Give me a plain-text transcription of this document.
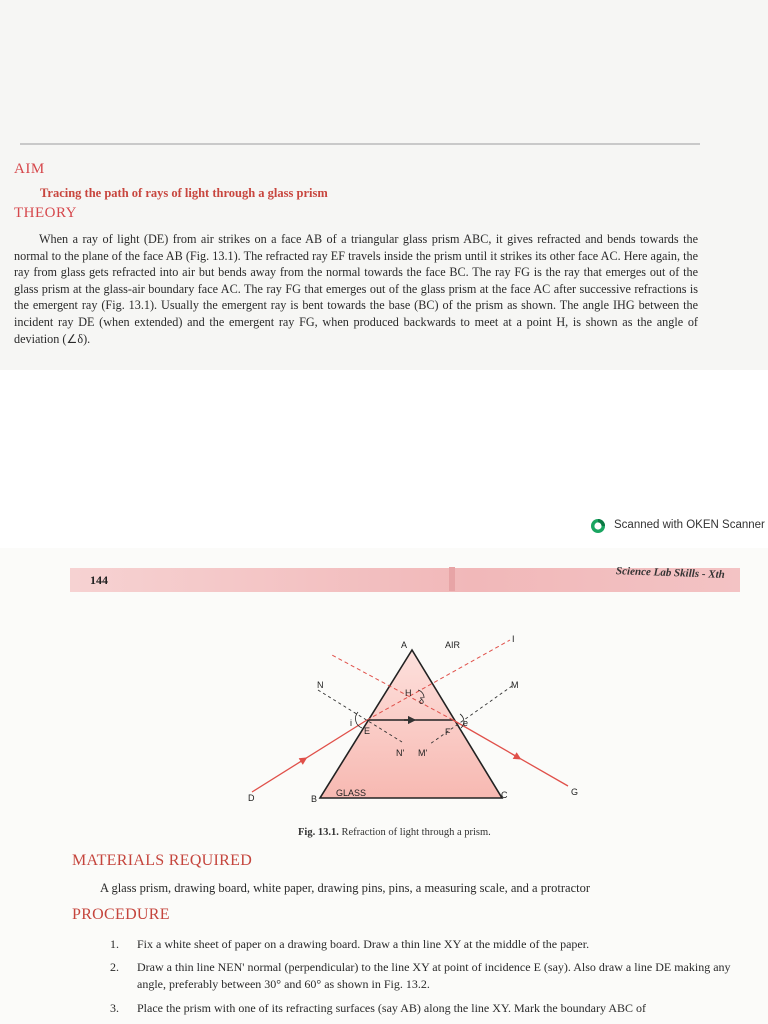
AIM
Tracing the path of rays of light through a glass prism
THEORY
When a ray of light (DE) from air strikes on a face AB of a triangular glass prism ABC, it gives refracted and bends towards the normal to the plane of the face AB (Fig. 13.1). The refracted ray EF travels inside the prism until it strikes its other face AC. Here again, the ray from glass gets refracted into air but bends away from the normal towards the face BC. The ray FG is the ray that emerges out of the glass prism at the glass-air boundary face AC. The ray FG that emerges out of the glass prism at the face AC after successive refractions is the emergent ray (Fig. 13.1). Usually the emergent ray is bent towards the base (BC) of the prism as shown. The angle IHG between the incident ray DE (when extended) and the emergent ray FG, when produced backwards to meet at a point H, is shown as the angle of deviation (∠δ).
Scanned with OKEN Scanner
144	Science Lab Skills - Xth
A	AIR
I
N	M
H
δ
i
E	F
e
N' M'
GLASS
D	B	C	G
Fig. 13.1. Refraction of light through a prism.
MATERIALS REQUIRED
A glass prism, drawing board, white paper, drawing pins, pins, a measuring scale, and a protractor
PROCEDURE
1. Fix a white sheet of paper on a drawing board. Draw a thin line XY at the middle of the paper.
2. Draw a thin line NEN' normal (perpendicular) to the line XY at point of incidence E (say). Also draw a line DE making any angle, preferably between 30° and 60° as shown in Fig. 13.2.
3. Place the prism with one of its refracting surfaces (say AB) along the line XY. Mark the boundary ABC of
